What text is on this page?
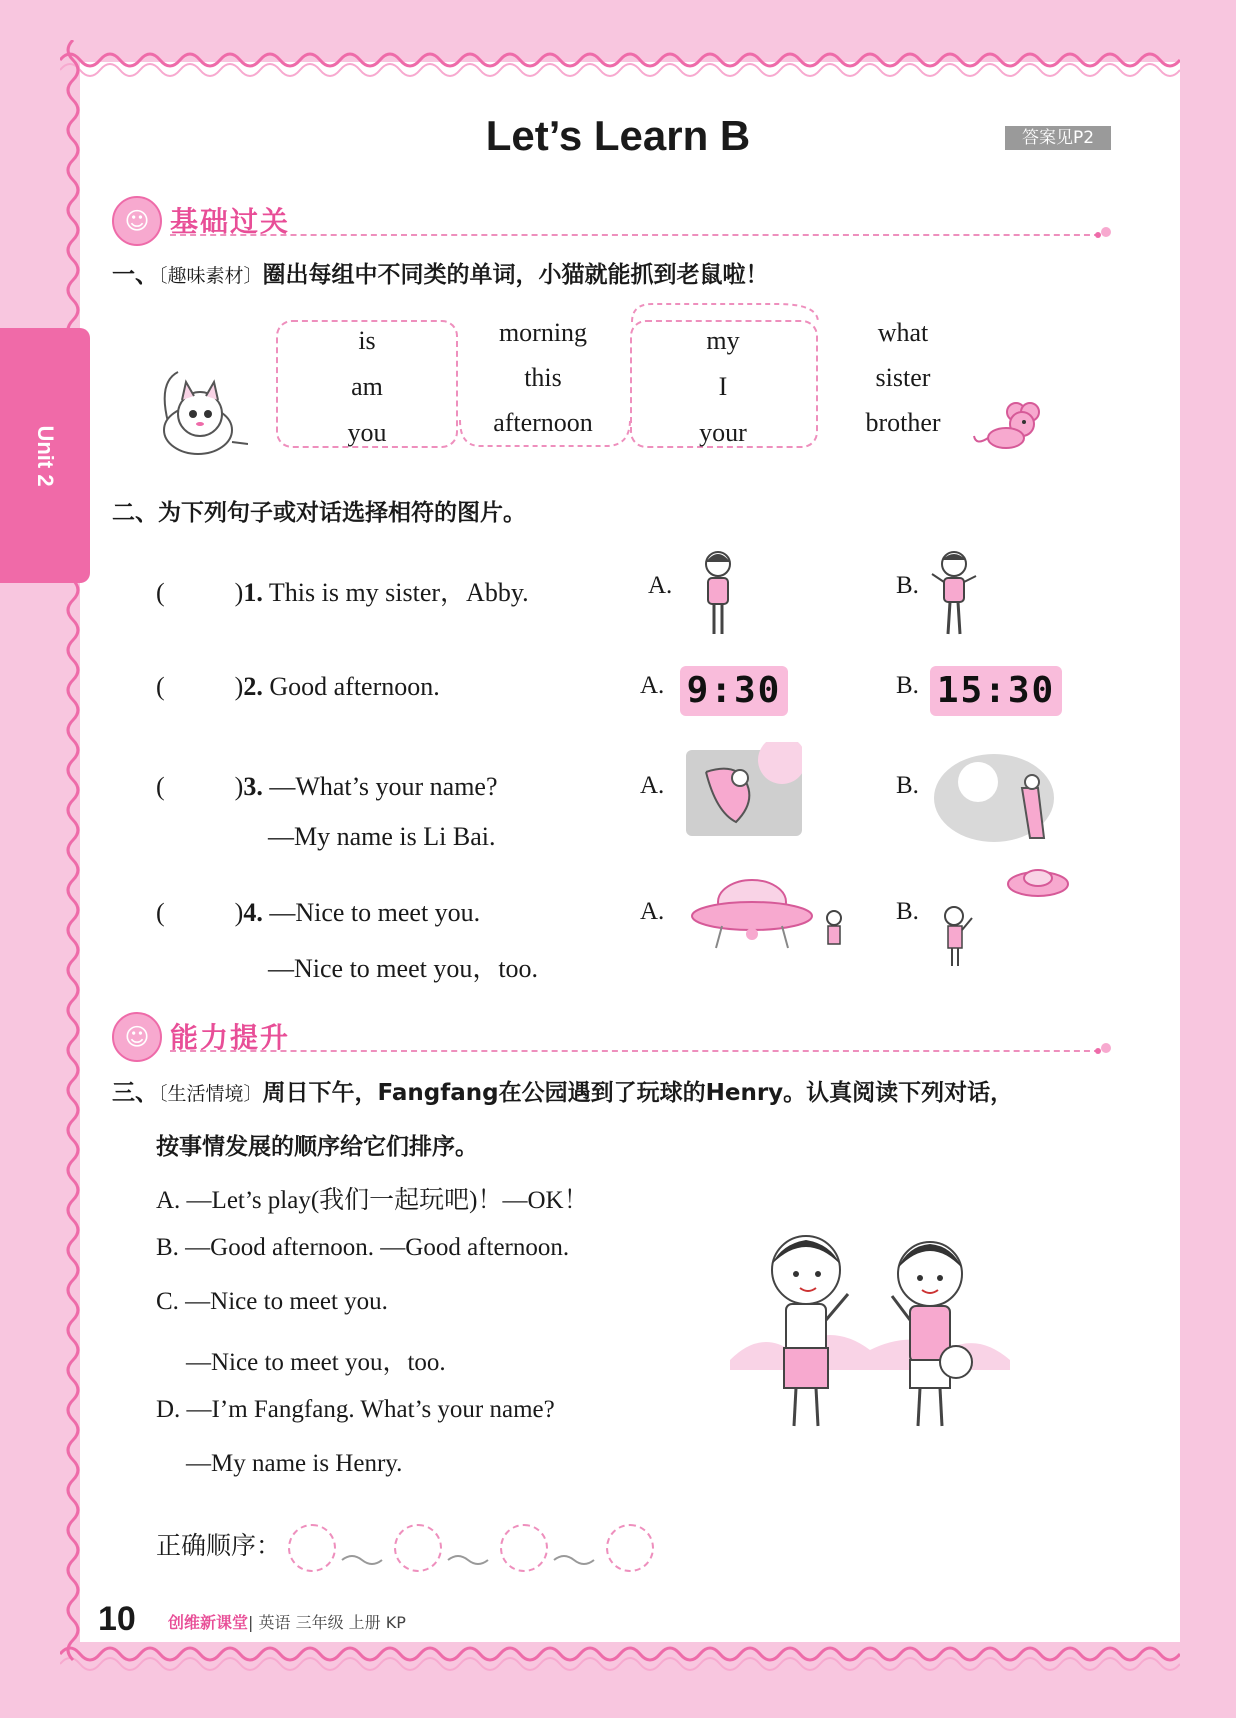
Unit 2
Let’s Learn B	答案见P2
☺ 基础过关
一、〔趣味素材〕圈出每组中不同类的单词，小猫就能抓到老鼠啦！
is
am
you
morning
this
afternoon
my
I
your
what
sister
brother
二、为下列句子或对话选择相符的图片。
(	)1. This is my sister，Abby.	A.	B.
(	)2. Good afternoon.	A. 9:30	B. 15:30
(	)3. —What’s your name?
—My name is Li Bai.
A.	B.
(	)4. —Nice to meet you.
—Nice to meet you，too.
A.	B.
☺ 能力提升
三、〔生活情境〕周日下午，Fangfang在公园遇到了玩球的Henry。认真阅读下列对话，
按事情发展的顺序给它们排序。
A. —Let’s play(我们一起玩吧)！—OK！
B. —Good afternoon. —Good afternoon.
C. —Nice to meet you.
—Nice to meet you，too.
D. —I’m Fangfang. What’s your name?
—My name is Henry.
正确顺序：
10 创维新课堂| 英语 三年级 上册 KP
